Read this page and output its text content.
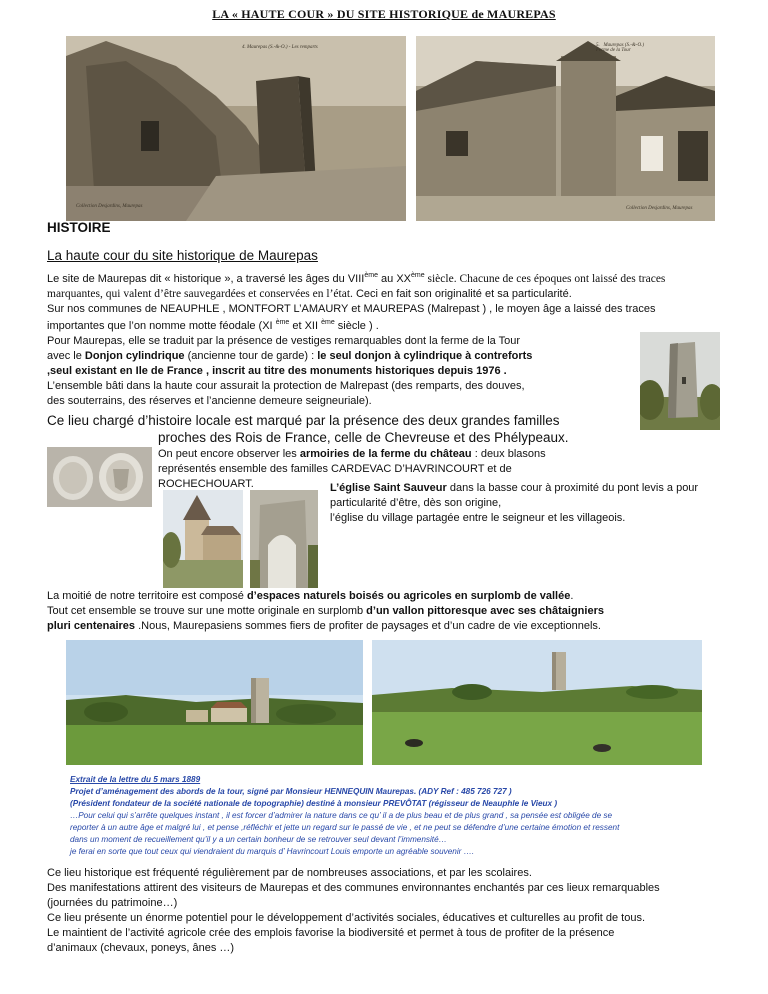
LA « HAUTE COUR » DU SITE HISTORIQUE de MAUREPAS
4. Maurepas (S.-&-O.) - Les remparts
Collection Desjardins, Maurepas
5.   Maurepas (S.-&-O.)
Ferme de la Tour
Collection Desjardins, Maurepas
HISTOIRE
La haute cour du site historique de Maurepas
Le site de Maurepas dit « historique », a traversé les âges du VIIIème au XXème siècle. Chacune de ces époques ont laissé des traces
marquantes, qui valent d’être sauvegardées et conservées en l’état. Ceci en fait son originalité et sa particularité.
Sur nos communes de NEAUPHLE , MONTFORT L’AMAURY et MAUREPAS (Malrepast ) , le moyen âge a laissé des traces
importantes que l’on nomme motte féodale (XI $^{ème}$ et XII $^{ème}$ siècle ) .
Pour Maurepas, elle se traduit par la présence de vestiges remarquables dont la ferme de la Tour
avec le Donjon cylindrique (ancienne tour de garde) : le seul donjon à cylindrique à contreforts
,seul existant en Ile de France , inscrit au titre des monuments historiques depuis 1976 .
L’ensemble bâti dans la haute cour assurait la protection de Malrepast (des remparts, des douves,
des souterrains, des réserves et l’ancienne demeure seigneuriale).
Ce lieu chargé d’histoire locale est marqué par la présence des deux grandes familles
proches des Rois de France, celle de Chevreuse et des Phélypeaux.
On peut encore observer les armoiries de la ferme du château : deux blasons
représentés ensemble des familles CARDEVAC D’HAVRINCOURT et de
ROCHECHOUART.	L’église Saint Sauveur dans la basse cour à proximité du pont levis a pour
particularité d’être, dès son origine,
l’église du village partagée entre le seigneur et les villageois.
La moitié de notre territoire est composé d’espaces naturels boisés ou agricoles en surplomb de vallée.
Tout cet ensemble se trouve sur une motte originale en surplomb d’un vallon pittoresque avec ses châtaigniers
pluri centenaires .Nous, Maurepasiens sommes fiers de profiter de paysages et d’un cadre de vie exceptionnels.
Extrait de la lettre du 5 mars 1889
Projet d’aménagement des abords de la tour, signé par Monsieur HENNEQUIN Maurepas. (ADY Ref : 485 726 727 )
(Président fondateur de la société nationale de topographie) destiné à monsieur PREVÔTAT (régisseur de Neauphle le Vieux )
…Pour celui qui s’arrête quelques instant , il est forcer d’admirer la nature dans ce qu’ il a de plus beau et de plus grand , sa pensée est obligée de se
reporter à un autre âge et malgré lui , et pense ,réfléchir et jette un regard sur le passé de vie , et ne peut se défendre d’une certaine émotion et ressent
dans un moment de recueillement qu’il y a un certain bonheur de se retrouver seul devant l’immensité…
je ferai en sorte que tout ceux qui viendraient du marquis d’ Havrincourt Louis emporte un agréable souvenir ….
Ce lieu historique est fréquenté régulièrement par de nombreuses associations, et par les scolaires.
Des manifestations attirent des visiteurs de Maurepas et des communes environnantes enchantés par ces lieux remarquables
(journées du patrimoine…)
Ce lieu présente un énorme potentiel pour le développement d’activités sociales, éducatives et culturelles au profit de tous.
Le maintient de l’activité agricole crée des emplois favorise la biodiversité et permet à tous de profiter de la présence
d’animaux (chevaux, poneys, ânes …)
